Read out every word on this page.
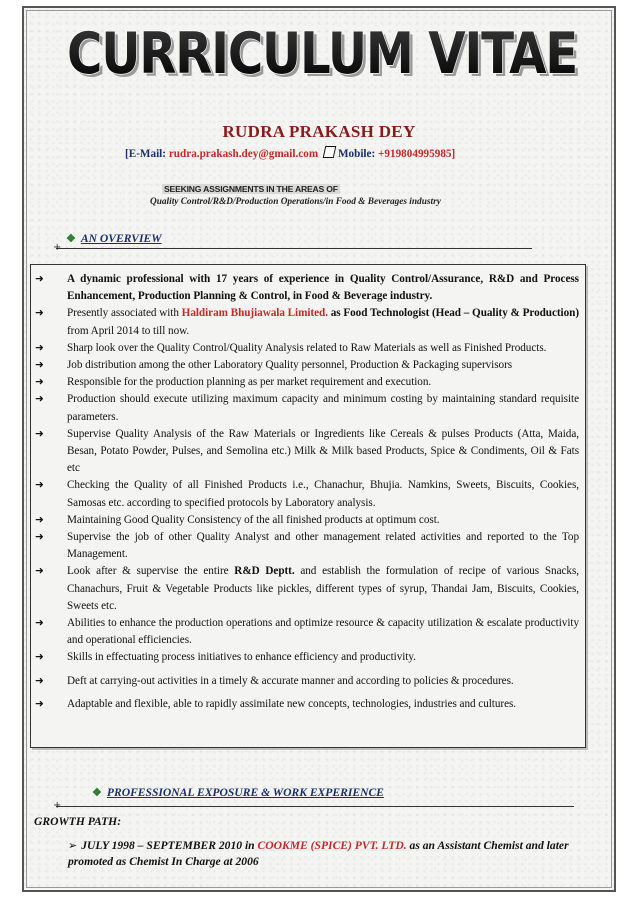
CURRICULUM VITAE
CURRICULUM VITAE
RUDRA PRAKASH DEY
[E-Mail: rudra.prakash.dey@gmail.com Mobile: +919804995985]
SEEKING ASSIGNMENTS IN THE AREAS OF
Quality Control/R&D/Production Operations/in Food & Beverages industry
❖ AN OVERVIEW
+
➜ A dynamic professional with 17 years of experience in Quality Control/Assurance, R&D and Process Enhancement, Production Planning & Control, in Food & Beverage industry.
➜ Presently associated with Haldiram Bhujiawala Limited. as Food Technologist (Head – Quality & Production) from April 2014 to till now.
➜ Sharp look over the Quality Control/Quality Analysis related to Raw Materials as well as Finished Products.
➜ Job distribution among the other Laboratory Quality personnel, Production & Packaging supervisors
➜ Responsible for the production planning as per market requirement and execution.
➜ Production should execute utilizing maximum capacity and minimum costing by maintaining standard requisite parameters.
➜ Supervise Quality Analysis of the Raw Materials or Ingredients like Cereals & pulses Products (Atta, Maida, Besan, Potato Powder, Pulses, and Semolina etc.) Milk & Milk based Products, Spice & Condiments, Oil & Fats etc
➜ Checking the Quality of all Finished Products i.e., Chanachur, Bhujia. Namkins, Sweets, Biscuits, Cookies, Samosas etc. according to specified protocols by Laboratory analysis.
➜ Maintaining Good Quality Consistency of the all finished products at optimum cost.
➜ Supervise the job of other Quality Analyst and other management related activities and reported to the Top Management.
➜ Look after & supervise the entire R&D Deptt. and establish the formulation of recipe of various Snacks, Chanachurs, Fruit & Vegetable Products like pickles, different types of syrup, Thandai Jam, Biscuits, Cookies, Sweets etc.
➜ Abilities to enhance the production operations and optimize resource & capacity utilization & escalate productivity and operational efficiencies.
➜ Skills in effectuating process initiatives to enhance efficiency and productivity.
➜ Deft at carrying-out activities in a timely & accurate manner and according to policies & procedures.
➜ Adaptable and flexible, able to rapidly assimilate new concepts, technologies, industries and cultures.
❖ PROFESSIONAL EXPOSURE & WORK EXPERIENCE
+
GROWTH PATH:
➢ JULY 1998 – SEPTEMBER 2010 in COOKME (SPICE) PVT. LTD. as an Assistant Chemist and later promoted as Chemist In Charge at 2006
